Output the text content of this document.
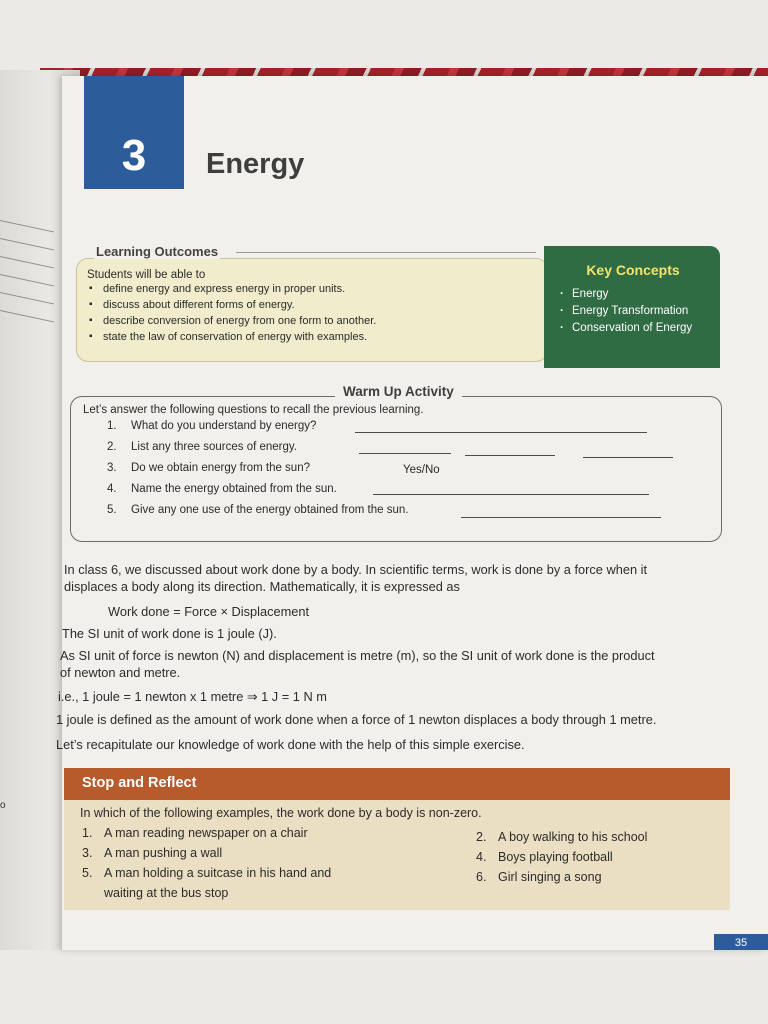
o
3 Energy
Students will be able to
▪ define energy and express energy in proper units.
▪ discuss about different forms of energy.
▪ describe conversion of energy from one form to another.
▪ state the law of conservation of energy with examples.
Learning Outcomes
Key Concepts
· Energy
· Energy Transformation
· Conservation of Energy
Let’s answer the following questions to recall the previous learning.
1. What do you understand by energy?
2. List any three sources of energy.
3. Do we obtain energy from the sun?	Yes/No
4. Name the energy obtained from the sun.
5. Give any one use of the energy obtained from the sun.
Warm Up Activity

In class 6, we discussed about work done by a body. In scientific terms, work is done by a force when it

displaces a body along its direction. Mathematically, it is expressed as

Work done = Force × Displacement

The SI unit of work done is 1 joule (J).

As SI unit of force is newton (N) and displacement is metre (m), so the SI unit of work done is the product

of newton and metre.

i.e., 1 joule = 1 newton x 1 metre ⇒ 1 J = 1 N m

1 joule is defined as the amount of work done when a force of 1 newton displaces a body through 1 metre.

Let’s recapitulate our knowledge of work done with the help of this simple exercise.

Stop and Reflect
In which of the following examples, the work done by a body is non-zero.
1. A man reading newspaper on a chair	2. A boy walking to his school
3. A man pushing a wall	4. Boys playing football
5. A man holding a suitcase in his hand and
waiting at the bus stop
6. Girl singing a song
35
